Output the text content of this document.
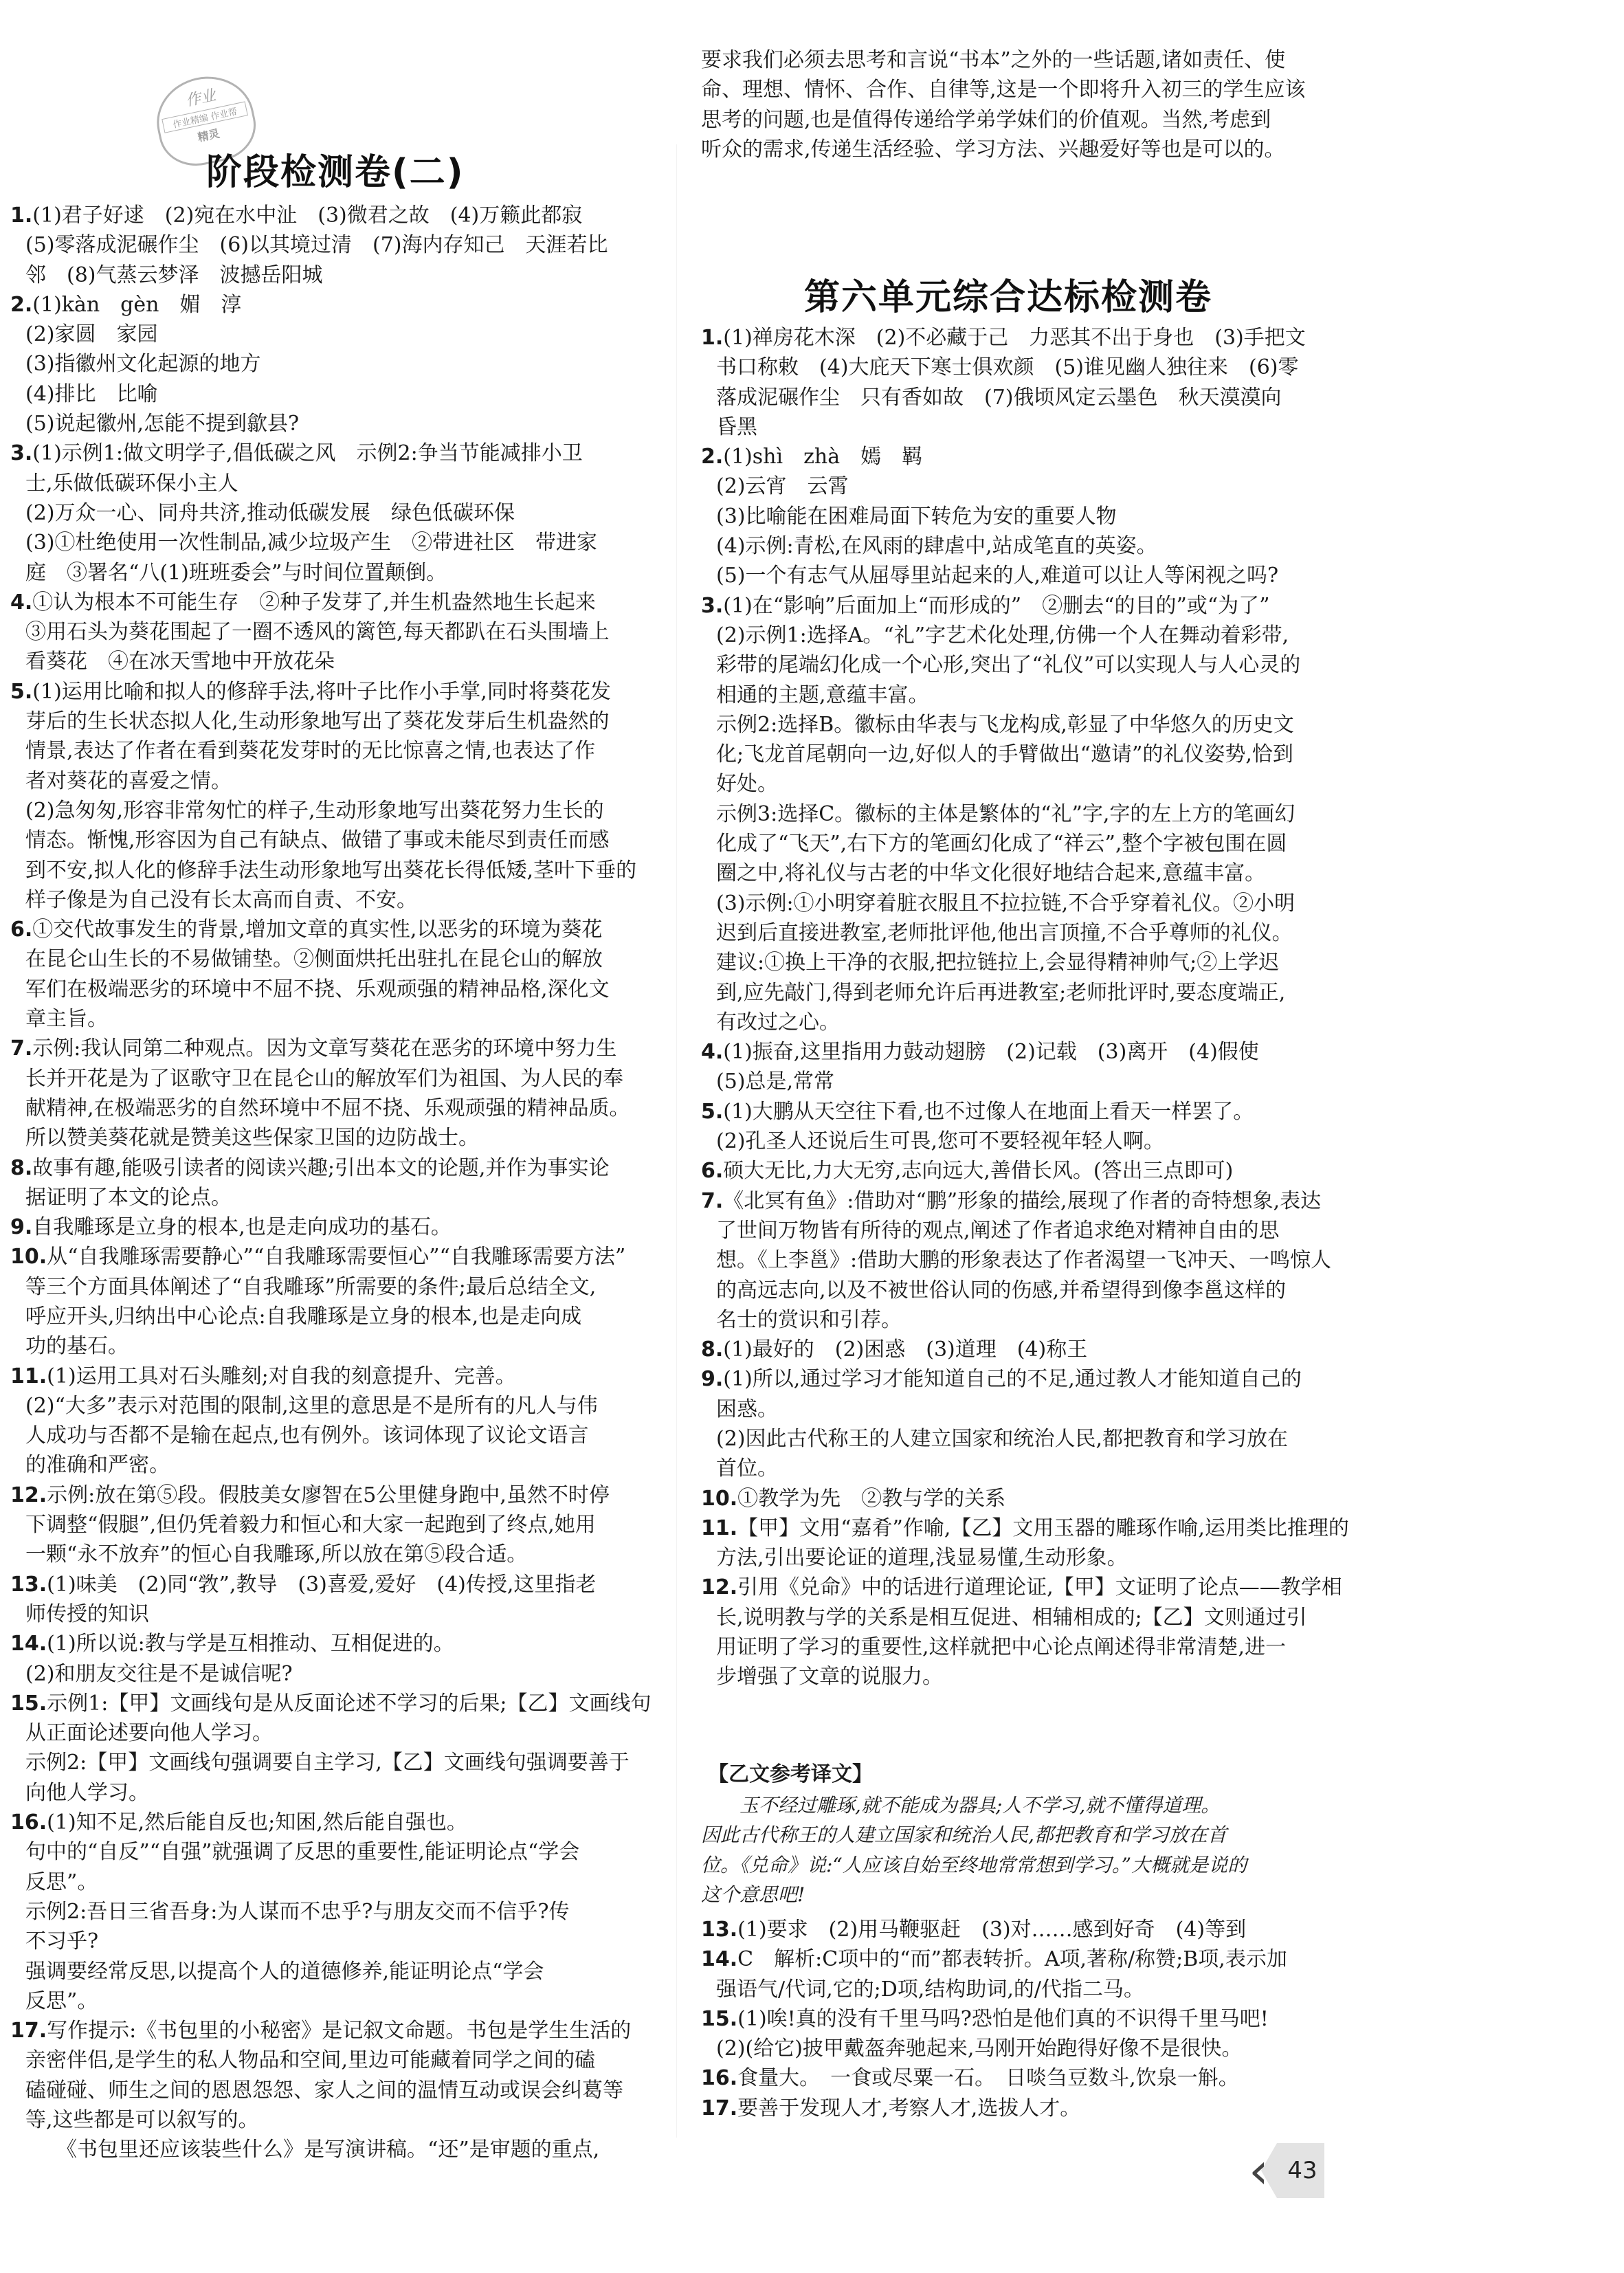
作业
作业精编 作业帮
精灵
阶段检测卷(二)
1.(1)君子好逑　(2)宛在水中沚　(3)微君之故　(4)万籁此都寂
(5)零落成泥碾作尘　(6)以其境过清　(7)海内存知己　天涯若比
邻　(8)气蒸云梦泽　波撼岳阳城
2.(1)kàn　gèn　媚　淳
(2)家圆　家园
(3)指徽州文化起源的地方
(4)排比　比喻
(5)说起徽州,怎能不提到歙县?
3.(1)示例1:做文明学子,倡低碳之风　示例2:争当节能减排小卫
士,乐做低碳环保小主人
(2)万众一心、同舟共济,推动低碳发展　绿色低碳环保
(3)①杜绝使用一次性制品,减少垃圾产生　②带进社区　带进家
庭　③署名“八(1)班班委会”与时间位置颠倒。
4.①认为根本不可能生存　②种子发芽了,并生机盎然地生长起来
③用石头为葵花围起了一圈不透风的篱笆,每天都趴在石头围墙上
看葵花　④在冰天雪地中开放花朵
5.(1)运用比喻和拟人的修辞手法,将叶子比作小手掌,同时将葵花发
芽后的生长状态拟人化,生动形象地写出了葵花发芽后生机盎然的
情景,表达了作者在看到葵花发芽时的无比惊喜之情,也表达了作
者对葵花的喜爱之情。
(2)急匆匆,形容非常匆忙的样子,生动形象地写出葵花努力生长的
情态。惭愧,形容因为自己有缺点、做错了事或未能尽到责任而感
到不安,拟人化的修辞手法生动形象地写出葵花长得低矮,茎叶下垂的
样子像是为自己没有长太高而自责、不安。
6.①交代故事发生的背景,增加文章的真实性,以恶劣的环境为葵花
在昆仑山生长的不易做铺垫。②侧面烘托出驻扎在昆仑山的解放
军们在极端恶劣的环境中不屈不挠、乐观顽强的精神品格,深化文
章主旨。
7.示例:我认同第二种观点。因为文章写葵花在恶劣的环境中努力生
长并开花是为了讴歌守卫在昆仑山的解放军们为祖国、为人民的奉
献精神,在极端恶劣的自然环境中不屈不挠、乐观顽强的精神品质。
所以赞美葵花就是赞美这些保家卫国的边防战士。
8.故事有趣,能吸引读者的阅读兴趣;引出本文的论题,并作为事实论
据证明了本文的论点。
9.自我雕琢是立身的根本,也是走向成功的基石。
10.从“自我雕琢需要静心”“自我雕琢需要恒心”“自我雕琢需要方法”
等三个方面具体阐述了“自我雕琢”所需要的条件;最后总结全文,
呼应开头,归纳出中心论点:自我雕琢是立身的根本,也是走向成
功的基石。
11.(1)运用工具对石头雕刻;对自我的刻意提升、完善。
(2)“大多”表示对范围的限制,这里的意思是不是所有的凡人与伟
人成功与否都不是输在起点,也有例外。该词体现了议论文语言
的准确和严密。
12.示例:放在第⑤段。假肢美女廖智在5公里健身跑中,虽然不时停
下调整“假腿”,但仍凭着毅力和恒心和大家一起跑到了终点,她用
一颗“永不放弃”的恒心自我雕琢,所以放在第⑤段合适。
13.(1)味美　(2)同“敩”,教导　(3)喜爱,爱好　(4)传授,这里指老
师传授的知识
14.(1)所以说:教与学是互相推动、互相促进的。
(2)和朋友交往是不是诚信呢?
15.示例1:【甲】文画线句是从反面论述不学习的后果;【乙】文画线句
从正面论述要向他人学习。
示例2:【甲】文画线句强调要自主学习,【乙】文画线句强调要善于
向他人学习。
16.(1)知不足,然后能自反也;知困,然后能自强也。
句中的“自反”“自强”就强调了反思的重要性,能证明论点“学会
反思”。
示例2:吾日三省吾身:为人谋而不忠乎?与朋友交而不信乎?传
不习乎?
强调要经常反思,以提高个人的道德修养,能证明论点“学会
反思”。
17.写作提示:《书包里的小秘密》是记叙文命题。书包是学生生活的
亲密伴侣,是学生的私人物品和空间,里边可能藏着同学之间的磕
磕碰碰、师生之间的恩恩怨怨、家人之间的温情互动或误会纠葛等
等,这些都是可以叙写的。
　　《书包里还应该装些什么》是写演讲稿。“还”是审题的重点,
要求我们必须去思考和言说“书本”之外的一些话题,诸如责任、使
命、理想、情怀、合作、自律等,这是一个即将升入初三的学生应该
思考的问题,也是值得传递给学弟学妹们的价值观。当然,考虑到
听众的需求,传递生活经验、学习方法、兴趣爱好等也是可以的。
第六单元综合达标检测卷
1.(1)禅房花木深　(2)不必藏于己　力恶其不出于身也　(3)手把文
书口称敕　(4)大庇天下寒士俱欢颜　(5)谁见幽人独往来　(6)零
落成泥碾作尘　只有香如故　(7)俄顷风定云墨色　秋天漠漠向
昏黑
2.(1)shì　zhà　嫣　羁
(2)云宵　云霄
(3)比喻能在困难局面下转危为安的重要人物
(4)示例:青松,在风雨的肆虐中,站成笔直的英姿。
(5)一个有志气从屈辱里站起来的人,难道可以让人等闲视之吗?
3.(1)在“影响”后面加上“而形成的”　②删去“的目的”或“为了”
(2)示例1:选择A。“礼”字艺术化处理,仿佛一个人在舞动着彩带,
彩带的尾端幻化成一个心形,突出了“礼仪”可以实现人与人心灵的
相通的主题,意蕴丰富。
示例2:选择B。徽标由华表与飞龙构成,彰显了中华悠久的历史文
化;飞龙首尾朝向一边,好似人的手臂做出“邀请”的礼仪姿势,恰到
好处。
示例3:选择C。徽标的主体是繁体的“礼”字,字的左上方的笔画幻
化成了“飞天”,右下方的笔画幻化成了“祥云”,整个字被包围在圆
圈之中,将礼仪与古老的中华文化很好地结合起来,意蕴丰富。
(3)示例:①小明穿着脏衣服且不拉拉链,不合乎穿着礼仪。②小明
迟到后直接进教室,老师批评他,他出言顶撞,不合乎尊师的礼仪。
建议:①换上干净的衣服,把拉链拉上,会显得精神帅气;②上学迟
到,应先敲门,得到老师允许后再进教室;老师批评时,要态度端正,
有改过之心。
4.(1)振奋,这里指用力鼓动翅膀　(2)记载　(3)离开　(4)假使
(5)总是,常常
5.(1)大鹏从天空往下看,也不过像人在地面上看天一样罢了。
(2)孔圣人还说后生可畏,您可不要轻视年轻人啊。
6.硕大无比,力大无穷,志向远大,善借长风。(答出三点即可)
7.《北冥有鱼》:借助对“鹏”形象的描绘,展现了作者的奇特想象,表达
了世间万物皆有所待的观点,阐述了作者追求绝对精神自由的思
想。《上李邕》:借助大鹏的形象表达了作者渴望一飞冲天、一鸣惊人
的高远志向,以及不被世俗认同的伤感,并希望得到像李邕这样的
名士的赏识和引荐。
8.(1)最好的　(2)困惑　(3)道理　(4)称王
9.(1)所以,通过学习才能知道自己的不足,通过教人才能知道自己的
困惑。
(2)因此古代称王的人建立国家和统治人民,都把教育和学习放在
首位。
10.①教学为先　②教与学的关系
11.【甲】文用“嘉肴”作喻,【乙】文用玉器的雕琢作喻,运用类比推理的
方法,引出要论证的道理,浅显易懂,生动形象。
12.引用《兑命》中的话进行道理论证,【甲】文证明了论点——教学相
长,说明教与学的关系是相互促进、相辅相成的;【乙】文则通过引
用证明了学习的重要性,这样就把中心论点阐述得非常清楚,进一
步增强了文章的说服力。
【乙文参考译文】
　　玉不经过雕琢,就不能成为器具;人不学习,就不懂得道理。
因此古代称王的人建立国家和统治人民,都把教育和学习放在首
位。《兑命》说:“人应该自始至终地常常想到学习。”大概就是说的
这个意思吧!
13.(1)要求　(2)用马鞭驱赶　(3)对……感到好奇　(4)等到
14.C　解析:C项中的“而”都表转折。A项,著称/称赞;B项,表示加
强语气/代词,它的;D项,结构助词,的/代指二马。
15.(1)唉!真的没有千里马吗?恐怕是他们真的不识得千里马吧!
(2)(给它)披甲戴盔奔驰起来,马刚开始跑得好像不是很快。
16.食量大。　一食或尽粟一石。　日啖刍豆数斗,饮泉一斛。
17.要善于发现人才,考察人才,选拔人才。
‹ 43
